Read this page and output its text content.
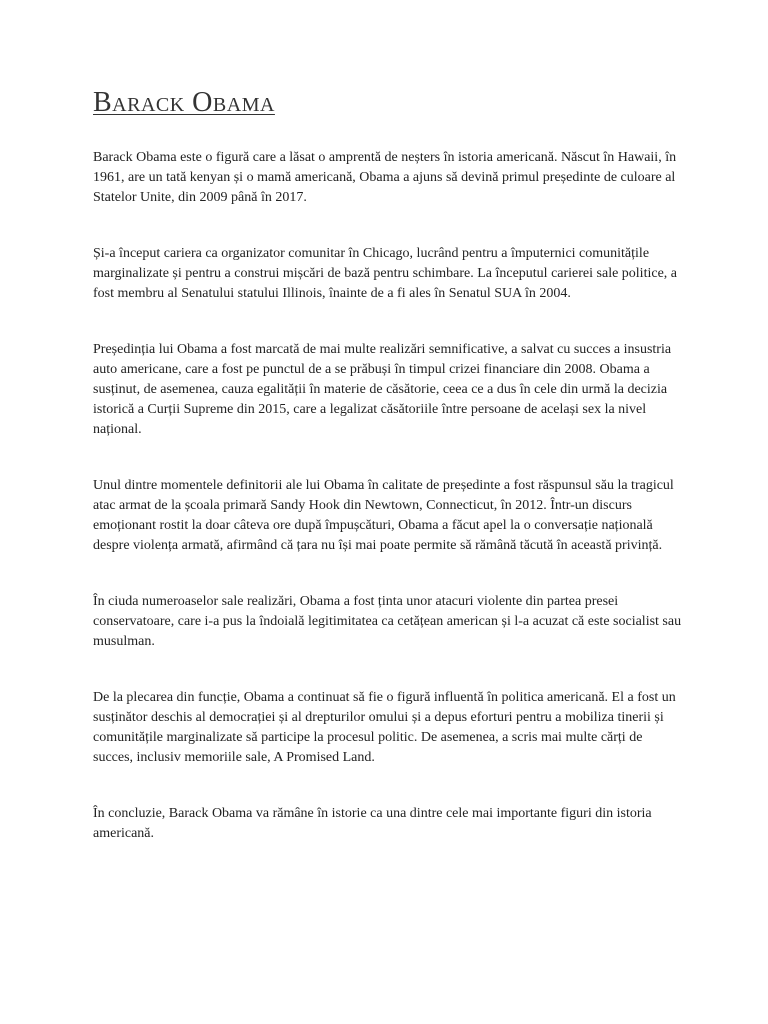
Barack Obama

Barack Obama este o figură care a lăsat o amprentă de neșters în istoria americană. Născut în Hawaii, în 1961, are un tată kenyan și o mamă americană, Obama a ajuns să devină primul președinte de culoare al Statelor Unite, din 2009 până în 2017.

Și-a început cariera ca organizator comunitar în Chicago, lucrând pentru a împuternici comunitățile marginalizate și pentru a construi mișcări de bază pentru schimbare. La începutul carierei sale politice, a fost membru al Senatului statului Illinois, înainte de a fi ales în Senatul SUA în 2004.

Președinția lui Obama a fost marcată de mai multe realizări semnificative, a salvat cu succes a insustria auto americane, care a fost pe punctul de a se prăbuși în timpul crizei financiare din 2008. Obama a susținut, de asemenea, cauza egalității în materie de căsătorie, ceea ce a dus în cele din urmă la decizia istorică a Curții Supreme din 2015, care a legalizat căsătoriile între persoane de același sex la nivel național.

Unul dintre momentele definitorii ale lui Obama în calitate de președinte a fost răspunsul său la tragicul atac armat de la școala primară Sandy Hook din Newtown, Connecticut, în 2012. Într-un discurs emoționant rostit la doar câteva ore după împușcături, Obama a făcut apel la o conversație națională despre violența armată, afirmând că țara nu își mai poate permite să rămână tăcută în această privință.

În ciuda numeroaselor sale realizări, Obama a fost ținta unor atacuri violente din partea presei conservatoare, care i-a pus la îndoială legitimitatea ca cetățean american și l-a acuzat că este socialist sau musulman.

De la plecarea din funcție, Obama a continuat să fie o figură influentă în politica americană. El a fost un susținător deschis al democrației și al drepturilor omului și a depus eforturi pentru a mobiliza tinerii și comunitățile marginalizate să participe la procesul politic. De asemenea, a scris mai multe cărți de succes, inclusiv memoriile sale, A Promised Land.

În concluzie, Barack Obama va rămâne în istorie ca una dintre cele mai importante figuri din istoria americană.
